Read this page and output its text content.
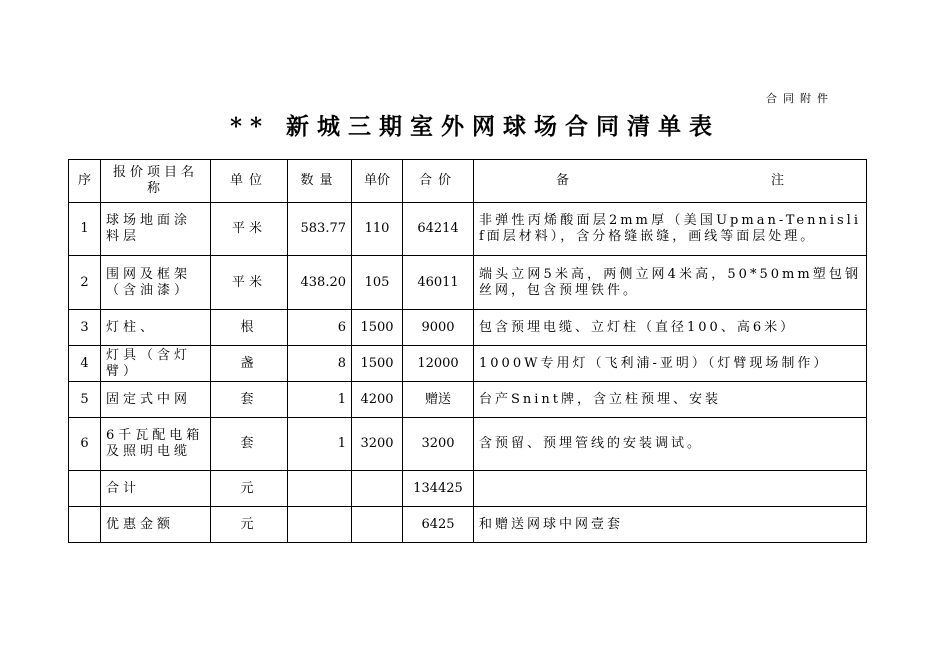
合同附件
** 新城三期室外网球场合同清单表
序	报价项目名称	单位	数量	单价	合价	备 注
1	球场地面涂料层	平米	583.77	110	64214	非弹性丙烯酸面层2mm厚（美国Upman-Tennislif面层材料），含分格缝嵌缝，画线等面层处理。
2	围网及框架（含油漆）	平米	438.20	105	46011	端头立网5米高，两侧立网4米高，50*50mm塑包钢丝网，包含预埋铁件。
3	灯柱、	根	6	1500	9000	包含预埋电缆、立灯柱（直径100、高6米）
4	灯具（含灯臂）	盏	8	1500	12000	1000W专用灯（飞利浦-亚明）（灯臂现场制作）
5	固定式中网	套	1	4200	赠送	台产Snint牌，含立柱预埋、安装
6	6千瓦配电箱及照明电缆	套	1	3200	3200	含预留、预埋管线的安装调试。
	合计	元			134425	
	优惠金额	元			6425	和赠送网球中网壹套
